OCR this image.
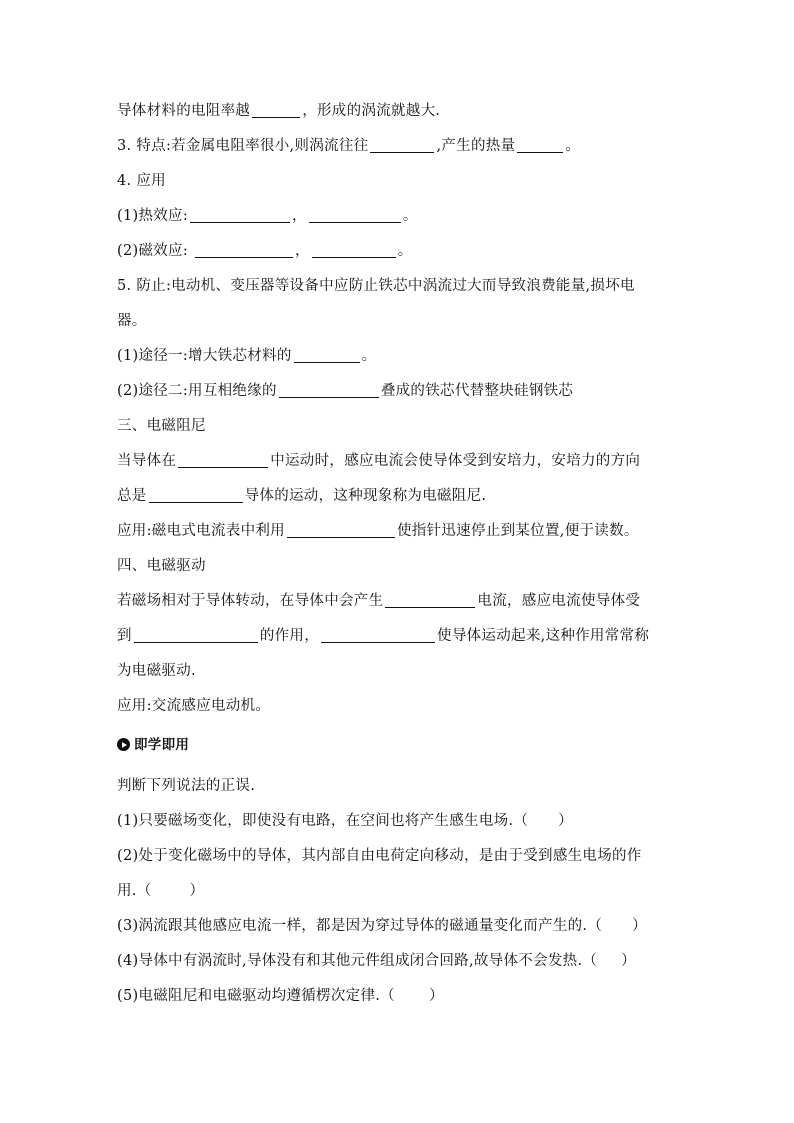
导体材料的电阻率越	，形成的涡流就越大.
3. 特点:若金属电阻率很小,则涡流往往	,产生的热量	。
4. 应用
(1)热效应:	，	。
(2)磁效应:	，	。
5. 防止:电动机、变压器等设备中应防止铁芯中涡流过大而导致浪费能量,损坏电
器。
(1)途径一:增大铁芯材料的	。
(2)途径二:用互相绝缘的	叠成的铁芯代替整块硅钢铁芯
三、电磁阻尼
当导体在	中运动时，感应电流会使导体受到安培力，安培力的方向
总是	导体的运动，这种现象称为电磁阻尼.
应用:磁电式电流表中利用	使指针迅速停止到某位置,便于读数。
四、电磁驱动
若磁场相对于导体转动，在导体中会产生	电流，感应电流使导体受
到	的作用，	使导体运动起来,这种作用常常称
为电磁驱动.
应用:交流感应电动机。
即学即用
判断下列说法的正误.
(1)只要磁场变化，即使没有电路，在空间也将产生感生电场.（ ）
(2)处于变化磁场中的导体，其内部自由电荷定向移动，是由于受到感生电场的作
用.（	）
(3)涡流跟其他感应电流一样，都是因为穿过导体的磁通量变化而产生的.（ ）
(4)导体中有涡流时,导体没有和其他元件组成闭合回路,故导体不会发热.（ ）
(5)电磁阻尼和电磁驱动均遵循楞次定律.（ ）
